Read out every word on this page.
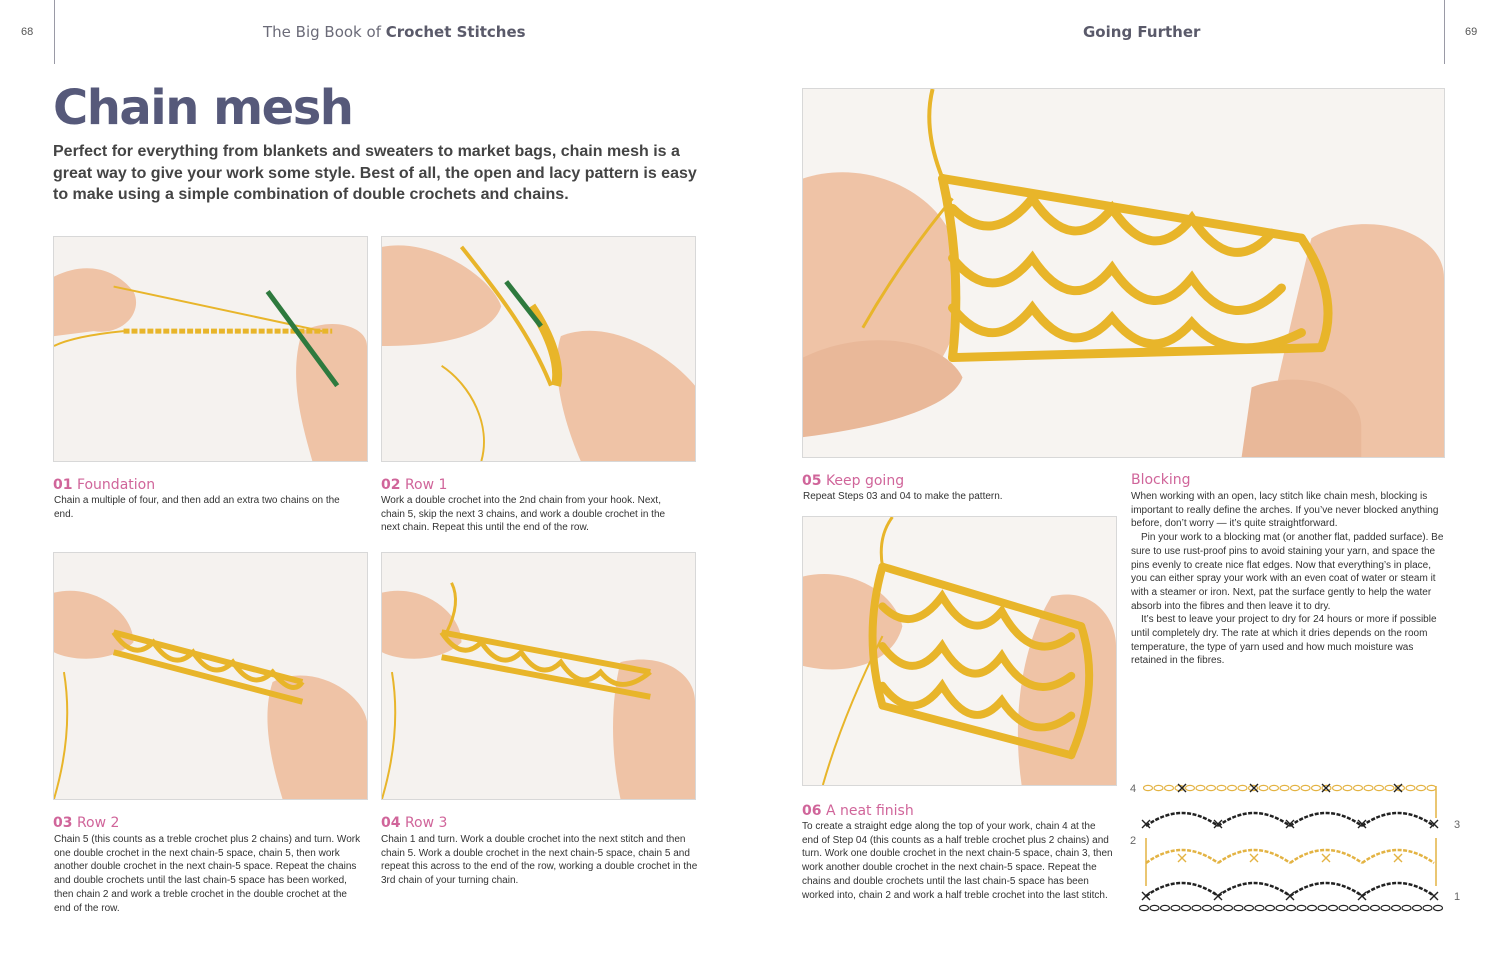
68	The Big Book of Crochet Stitches	Going Further	69
Chain mesh
Perfect for everything from blankets and sweaters to market bags, chain mesh is a great way to give your work some style. Best of all, the open and lacy pattern is easy to make using a simple combination of double crochets and chains.
01 Foundation
Chain a multiple of four, and then add an extra two chains on the end.
02 Row 1
Work a double crochet into the 2nd chain from your hook. Next, chain 5, skip the next 3 chains, and work a double crochet in the next chain. Repeat this until the end of the row.
03 Row 2
Chain 5 (this counts as a treble crochet plus 2 chains) and turn. Work one double crochet in the next chain-5 space, chain 5, then work another double crochet in the next chain-5 space. Repeat the chains and double crochets until the last chain-5 space has been worked, then chain 2 and work a treble crochet in the double crochet at the end of the row.
04 Row 3
Chain 1 and turn. Work a double crochet into the next stitch and then chain 5. Work a double crochet in the next chain-5 space, chain 5 and repeat this across to the end of the row, working a double crochet in the 3rd chain of your turning chain.
05 Keep going
Repeat Steps 03 and 04 to make the pattern.
06 A neat finish
To create a straight edge along the top of your work, chain 4 at the end of Step 04 (this counts as a half treble crochet plus 2 chains) and turn. Work one double crochet in the next chain-5 space, chain 3, then work another double crochet in the next chain-5 space. Repeat the chains and double crochets until the last chain-5 space has been worked into, chain 2 and work a half treble crochet into the last stitch.
Blocking

When working with an open, lacy stitch like chain mesh, blocking is important to really define the arches. If you’ve never blocked anything before, don’t worry — it’s quite straightforward.

Pin your work to a blocking mat (or another flat, padded surface). Be sure to use rust-proof pins to avoid staining your yarn, and space the pins evenly to create nice flat edges. Now that everything’s in place, you can either spray your work with an even coat of water or steam it with a steamer or iron. Next, pat the surface gently to help the water absorb into the fibres and then leave it to dry.

It’s best to leave your project to dry for 24 hours or more if possible until completely dry. The rate at which it dries depends on the room temperature, the type of yarn used and how much moisture was retained in the fibres.

4
3
2
1
